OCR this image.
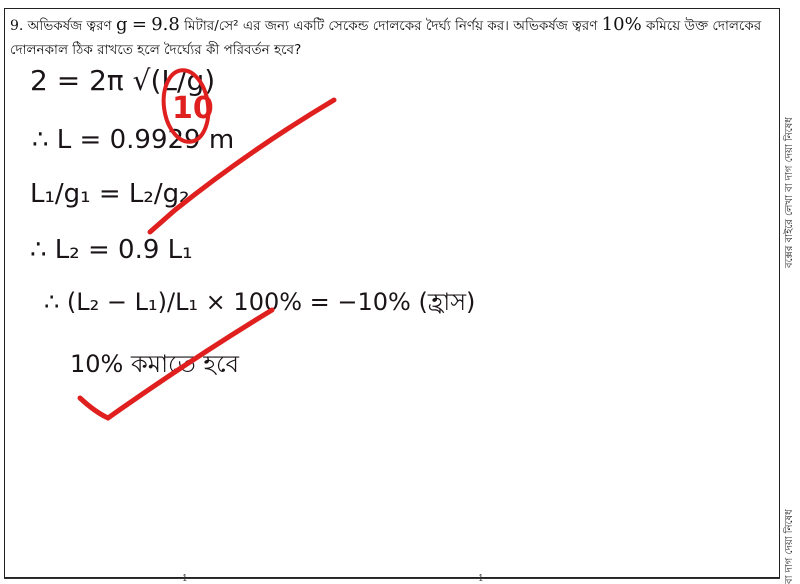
9. অভিকর্ষজ ত্বরণ g = 9.8 মিটার/সে² এর জন্য একটি সেকেন্ড দোলকের দৈর্ঘ্য নির্ণয় কর। অভিকর্ষজ ত্বরণ 10% কমিয়ে উক্ত দোলকের দোলনকাল ঠিক রাখতে হলে দৈর্ঘ্যের কী পরিবর্তন হবে?
2 = 2π √(L/g)
∴ L = 0.9929 m
L₁/g₁ = L₂/g₂
∴ L₂ = 0.9 L₁
∴ (L₂ − L₁)/L₁ × 100% = −10% (হ্রাস)
10% কমাতে হবে
10
বক্সের বাইরে লেখা বা দাগ দেয়া নিষেধ
বা দাগ দেয়া নিষেধ
1	1
